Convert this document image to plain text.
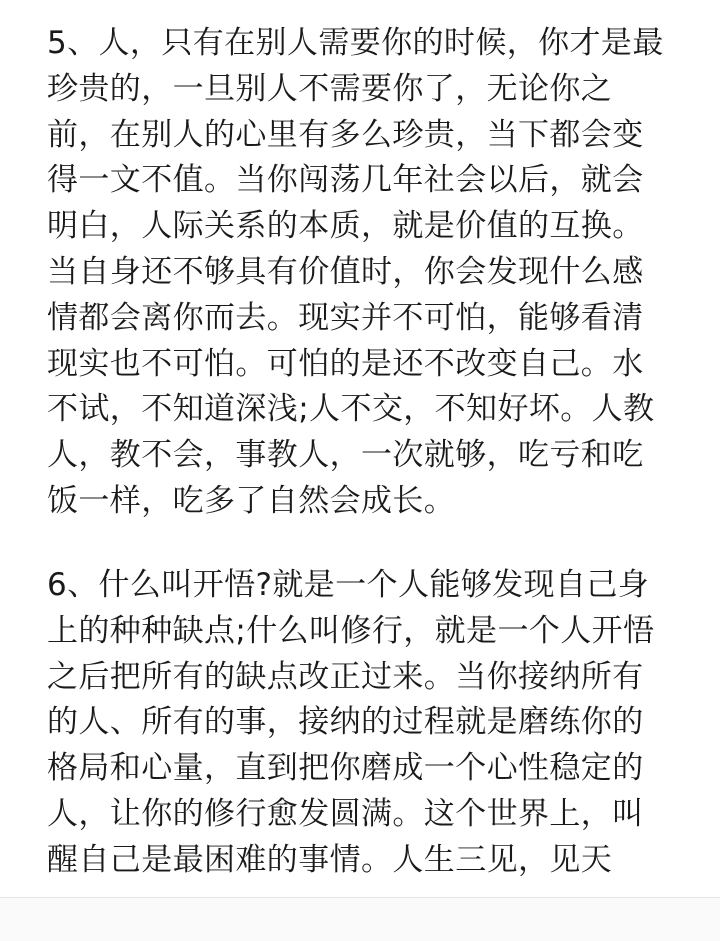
5、人，只有在别人需要你的时候，你才是最
珍贵的，一旦别人不需要你了，无论你之
前，在别人的心里有多么珍贵，当下都会变
得一文不值。当你闯荡几年社会以后，就会
明白，人际关系的本质，就是价值的互换。
当自身还不够具有价值时，你会发现什么感
情都会离你而去。现实并不可怕，能够看清
现实也不可怕。可怕的是还不改变自己。水
不试，不知道深浅;人不交，不知好坏。人教
人，教不会，事教人，一次就够，吃亏和吃
饭一样，吃多了自然会成长。
6、什么叫开悟?就是一个人能够发现自己身
上的种种缺点;什么叫修行，就是一个人开悟
之后把所有的缺点改正过来。当你接纳所有
的人、所有的事，接纳的过程就是磨练你的
格局和心量，直到把你磨成一个心性稳定的
人，让你的修行愈发圆满。这个世界上，叫
醒自己是最困难的事情。人生三见，见天
